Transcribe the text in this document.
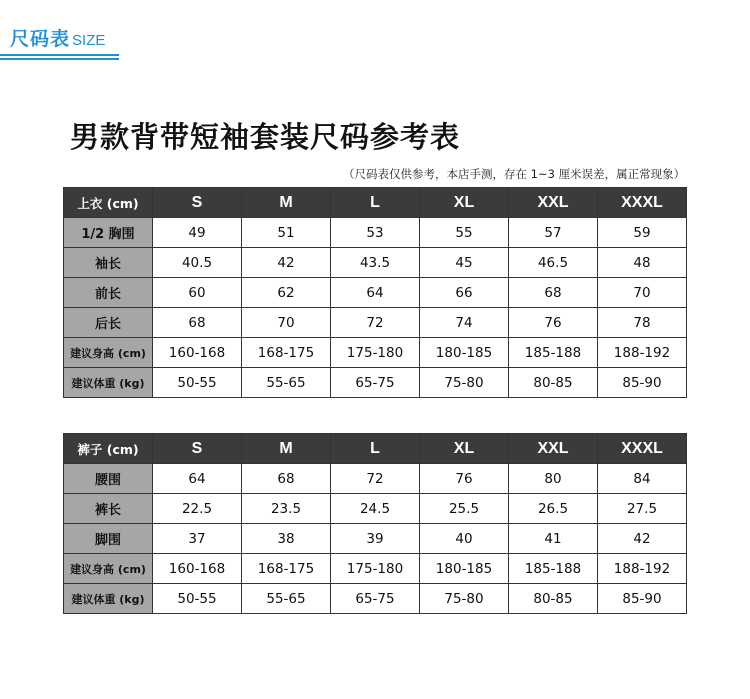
尺码表 SIZE
男款背带短袖套装尺码参考表
（尺码表仅供参考，本店手测，存在 1~3 厘米误差，属正常现象）
上衣 (cm)	S	M	L	XL	XXL	XXXL
1/2 胸围	49	51	53	55	57	59
袖长	40.5	42	43.5	45	46.5	48
前长	60	62	64	66	68	70
后长	68	70	72	74	76	78
建议身高 (cm)	160-168	168-175	175-180	180-185	185-188	188-192
建议体重 (kg)	50-55	55-65	65-75	75-80	80-85	85-90
裤子 (cm)	S	M	L	XL	XXL	XXXL
腰围	64	68	72	76	80	84
裤长	22.5	23.5	24.5	25.5	26.5	27.5
脚围	37	38	39	40	41	42
建议身高 (cm)	160-168	168-175	175-180	180-185	185-188	188-192
建议体重 (kg)	50-55	55-65	65-75	75-80	80-85	85-90
